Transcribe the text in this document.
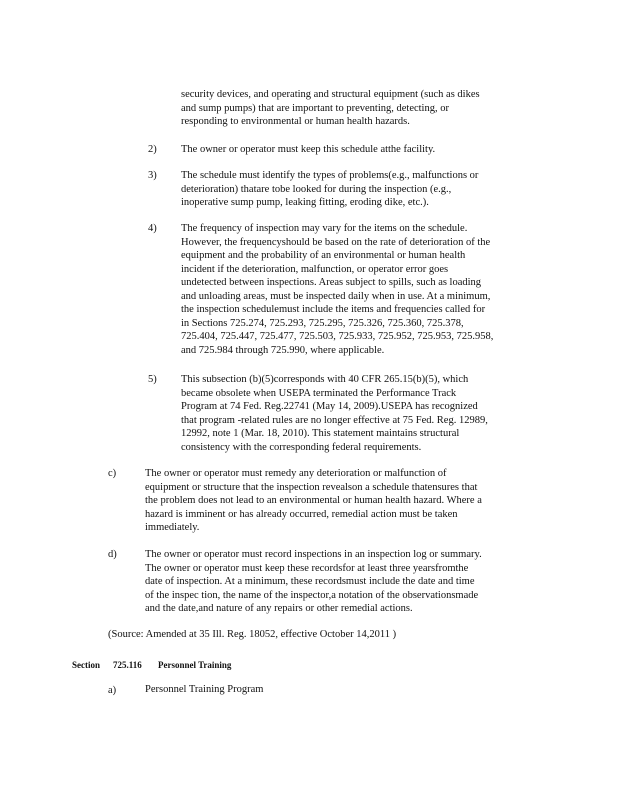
security devices, and operating and structural equipment (such as dikes
and sump pumps) that are important to preventing, detecting, or
responding to environmental or human health hazards.
2) The owner or operator must keep this schedule atthe facility.
3) The schedule must identify the types of problems(e.g., malfunctions or
deterioration) thatare tobe looked for during the inspection (e.g.,
inoperative sump pump, leaking fitting, eroding dike, etc.).
4) The frequency of inspection may vary for the items on the schedule.
However, the frequencyshould be based on the rate of deterioration of the
equipment and the probability of an environmental or human health
incident if the deterioration, malfunction, or operator error goes
undetected between inspections. Areas subject to spills, such as loading
and unloading areas, must be inspected daily when in use. At a minimum,
the inspection schedulemust include the items and frequencies called for
in Sections 725.274, 725.293, 725.295, 725.326, 725.360, 725.378,
725.404, 725.447, 725.477, 725.503, 725.933, 725.952, 725.953, 725.958,
and 725.984 through 725.990, where applicable.
5) This subsection (b)(5)corresponds with 40 CFR 265.15(b)(5), which
became obsolete when USEPA terminated the Performance Track
Program at 74 Fed. Reg.22741 (May 14, 2009).USEPA has recognized
that program -related rules are no longer effective at 75 Fed. Reg. 12989,
12992, note 1 (Mar. 18, 2010). This statement maintains structural
consistency with the corresponding federal requirements.
c)	The owner or operator must remedy any deterioration or malfunction of
equipment or structure that the inspection revealson a schedule thatensures that
the problem does not lead to an environmental or human health hazard. Where a
hazard is imminent or has already occurred, remedial action must be taken
immediately.
d)	The owner or operator must record inspections in an inspection log or summary.
The owner or operator must keep these recordsfor at least three yearsfromthe
date of inspection. At a minimum, these recordsmust include the date and time
of the inspec tion, the name of the inspector,a notation of the observationsmade
and the date,and nature of any repairs or other remedial actions.
(Source: Amended at 35 Ill. Reg. 18052, effective October 14,2011 )
Section 725.116 Personnel Training
a)	Personnel Training Program
